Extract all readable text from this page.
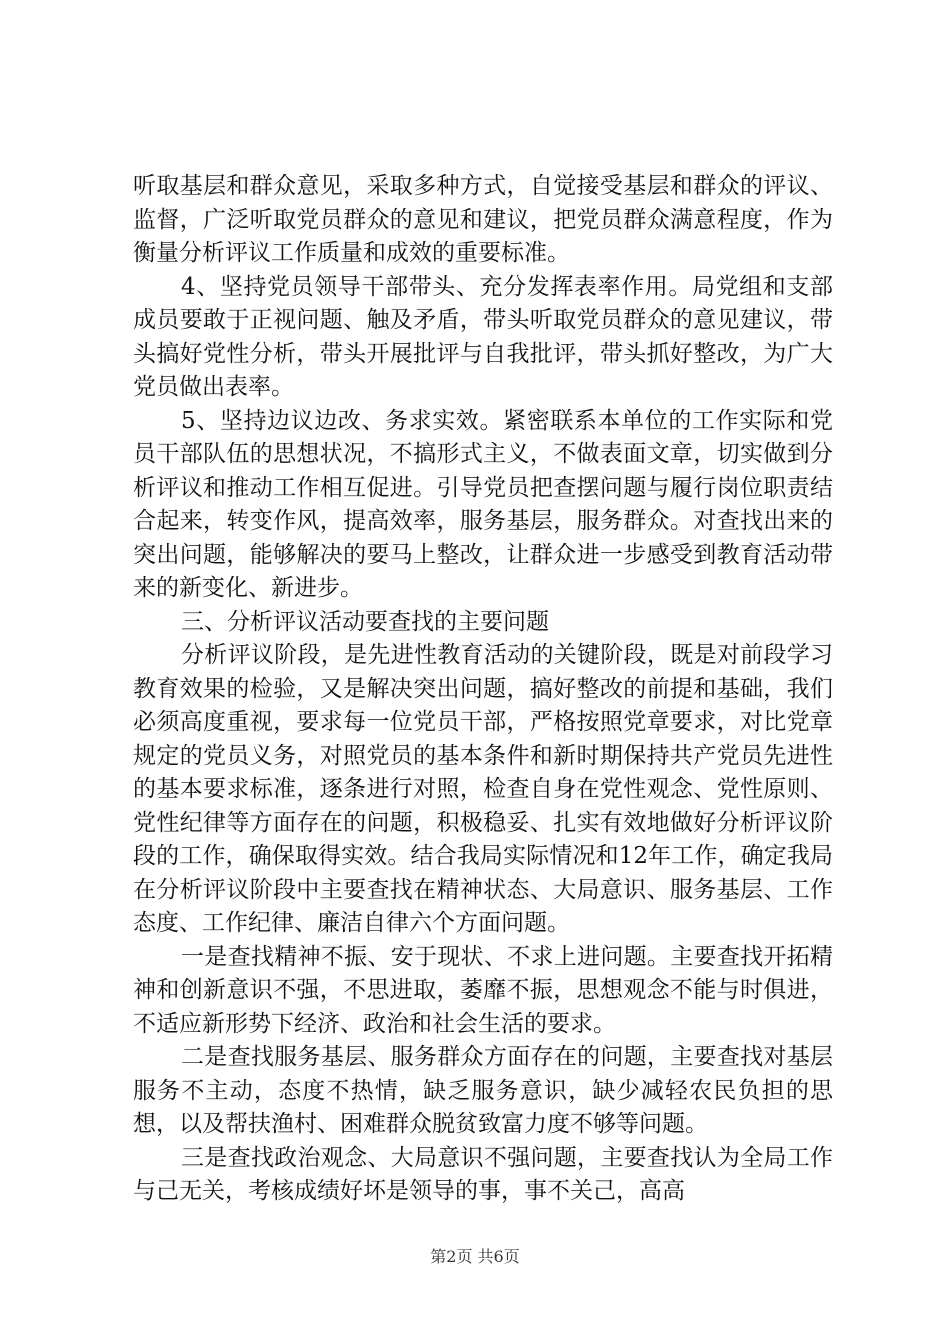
听取基层和群众意见，采取多种方式，自觉接受基层和群众的评议、监督，广泛听取党员群众的意见和建议，把党员群众满意程度，作为衡量分析评议工作质量和成效的重要标准。

4、坚持党员领导干部带头、充分发挥表率作用。局党组和支部成员要敢于正视问题、触及矛盾，带头听取党员群众的意见建议，带头搞好党性分析，带头开展批评与自我批评，带头抓好整改，为广大党员做出表率。

5、坚持边议边改、务求实效。紧密联系本单位的工作实际和党员干部队伍的思想状况，不搞形式主义，不做表面文章，切实做到分析评议和推动工作相互促进。引导党员把查摆问题与履行岗位职责结合起来，转变作风，提高效率，服务基层，服务群众。对查找出来的突出问题，能够解决的要马上整改，让群众进一步感受到教育活动带来的新变化、新进步。

三、分析评议活动要查找的主要问题

分析评议阶段，是先进性教育活动的关键阶段，既是对前段学习教育效果的检验，又是解决突出问题，搞好整改的前提和基础，我们必须高度重视，要求每一位党员干部，严格按照党章要求，对比党章规定的党员义务，对照党员的基本条件和新时期保持共产党员先进性的基本要求标准，逐条进行对照，检查自身在党性观念、党性原则、党性纪律等方面存在的问题，积极稳妥、扎实有效地做好分析评议阶段的工作，确保取得实效。结合我局实际情况和12年工作，确定我局在分析评议阶段中主要查找在精神状态、大局意识、服务基层、工作态度、工作纪律、廉洁自律六个方面问题。

一是查找精神不振、安于现状、不求上进问题。主要查找开拓精神和创新意识不强，不思进取，萎靡不振，思想观念不能与时俱进，不适应新形势下经济、政治和社会生活的要求。

二是查找服务基层、服务群众方面存在的问题，主要查找对基层服务不主动，态度不热情，缺乏服务意识，缺少减轻农民负担的思想，以及帮扶渔村、困难群众脱贫致富力度不够等问题。

三是查找政治观念、大局意识不强问题，主要查找认为全局工作与己无关，考核成绩好坏是领导的事，事不关己，高高

第2页 共6页
